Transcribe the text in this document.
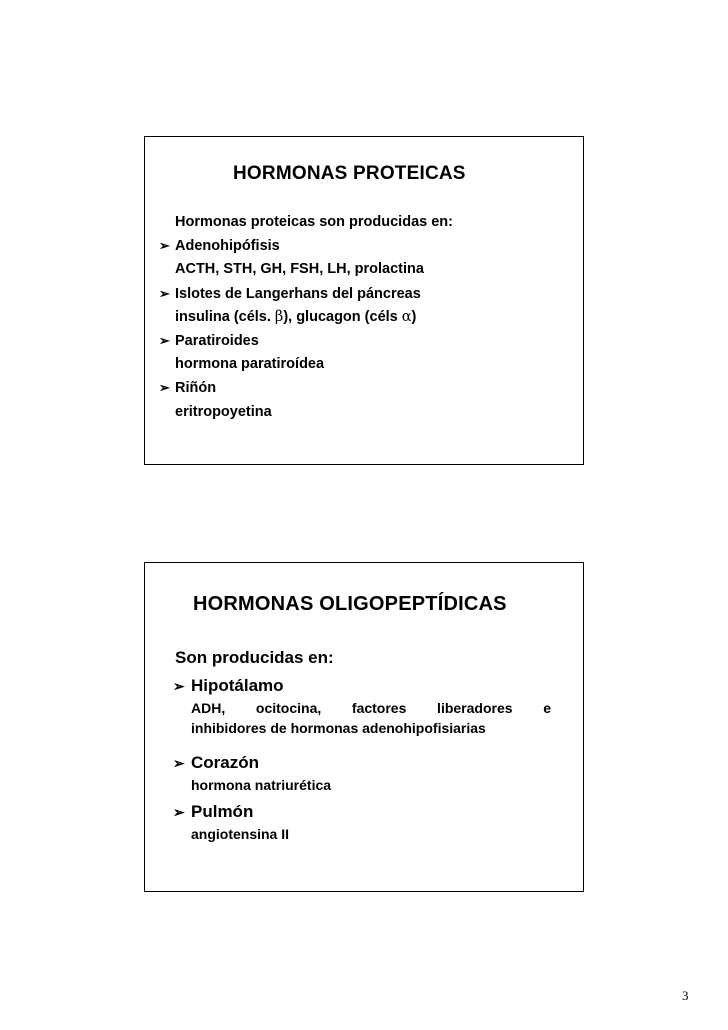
HORMONAS PROTEICAS
Hormonas proteicas son producidas en:
➢ Adenohipófisis
ACTH, STH, GH, FSH, LH, prolactina
➢ Islotes de Langerhans del páncreas
insulina (céls. β), glucagon (céls α)
➢ Paratiroides
hormona paratiroídea
➢ Riñón
eritropoyetina
HORMONAS OLIGOPEPTÍDICAS
Son producidas en:
➢ Hipotálamo
ADH, ocitocina, factores liberadores e
inhibidores de hormonas adenohipofisiarias
➢ Corazón
hormona natriurética
➢ Pulmón
angiotensina II
3
